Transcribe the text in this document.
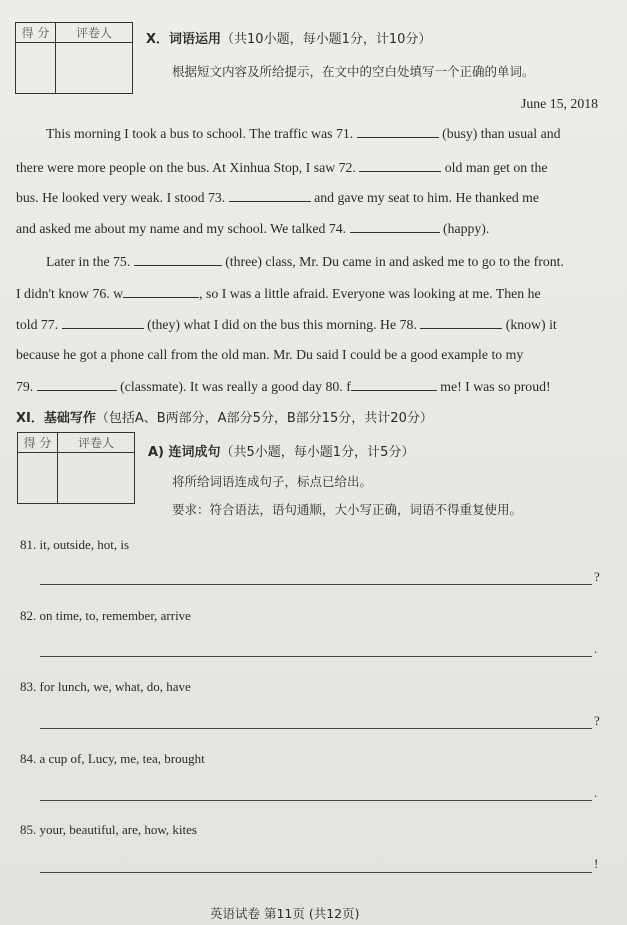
得 分	评卷人	X．词语运用（共10小题，每小题1分，计10分）
根据短文内容及所给提示，在文中的空白处填写一个正确的单词。
June 15, 2018
This morning I took a bus to school. The traffic was 71.	(busy) than usual and
there were more people on the bus. At Xinhua Stop, I saw 72.	old man get on the
bus. He looked very weak. I stood 73.	and gave my seat to him. He thanked me
and asked me about my name and my school. We talked 74.	(happy).
Later in the 75.	(three) class, Mr. Du came in and asked me to go to the front.
I didn't know 76. w	, so I was a little afraid. Everyone was looking at me. Then he
told 77.	(they) what I did on the bus this morning. He 78.	(know) it
because he got a phone call from the old man. Mr. Du said I could be a good example to my
79.	(classmate). It was really a good day 80. f	me! I was so proud!
XI．基础写作（包括A、B两部分，A部分5分，B部分15分，共计20分）
得 分	评卷人
A) 连词成句（共5小题，每小题1分，计5分）
将所给词语连成句子，标点已给出。
要求：符合语法，语句通顺，大小写正确，词语不得重复使用。
81. it, outside, hot, is
?
82. on time, to, remember, arrive
.
83. for lunch, we, what, do, have
?
84. a cup of, Lucy, me, tea, brought
.
85. your, beautiful, are, how, kites
!
英语试卷 第11页 (共12页)
